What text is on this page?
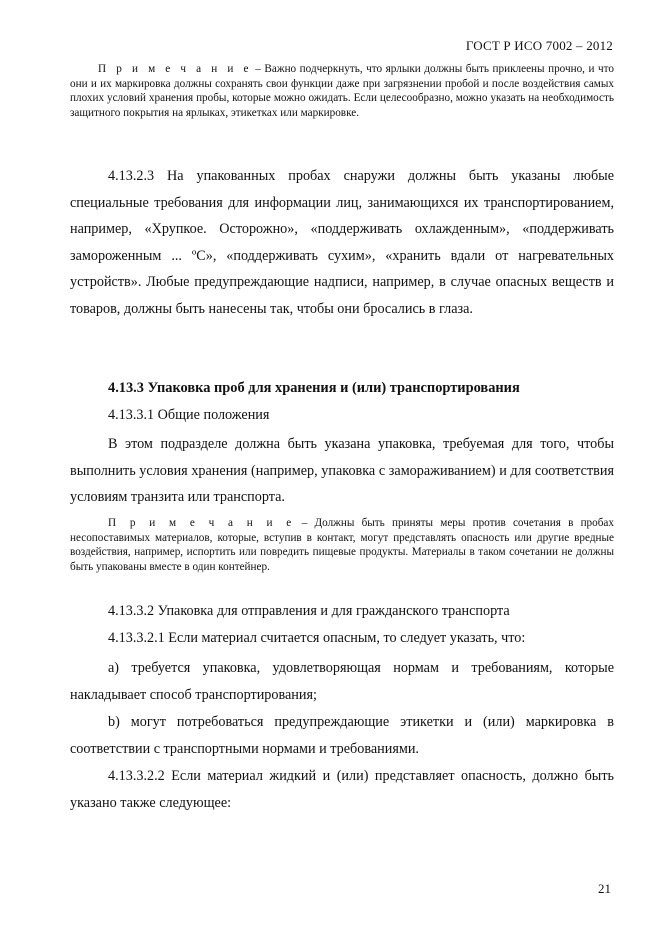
ГОСТ Р ИСО 7002 – 2012
П р и м е ч а н и е – Важно подчеркнуть, что ярлыки должны быть приклеены прочно, и что они и их маркировка должны сохранять свои функции даже при загрязнении пробой и после воздействия самых плохих условий хранения пробы, которые можно ожидать. Если целесообразно, можно указать на необходимость защитного покрытия на ярлыках, этикетках или маркировке.
4.13.2.3 На упакованных пробах снаружи должны быть указаны любые специальные требования для информации лиц, занимающихся их транспортированием, например, «Хрупкое. Осторожно», «поддерживать охлажденным», «поддерживать замороженным ... ºС», «поддерживать сухим», «хранить вдали от нагревательных устройств». Любые предупреждающие надписи, например, в случае опасных веществ и товаров, должны быть нанесены так, чтобы они бросались в глаза.
4.13.3 Упаковка проб для хранения и (или) транспортирования
4.13.3.1 Общие положения
В этом подразделе должна быть указана упаковка, требуемая для того, чтобы выполнить условия хранения (например, упаковка с замораживанием) и для соответствия условиям транзита или транспорта.
П р и м е ч а н и е – Должны быть приняты меры против сочетания в пробах несопоставимых материалов, которые, вступив в контакт, могут представлять опасность или другие вредные воздействия, например, испортить или повредить пищевые продукты. Материалы в таком сочетании не должны быть упакованы вместе в один контейнер.
4.13.3.2 Упаковка для отправления и для гражданского транспорта
4.13.3.2.1 Если материал считается опасным, то следует указать, что:
a) требуется упаковка, удовлетворяющая нормам и требованиям, которые накладывает способ транспортирования;
b) могут потребоваться предупреждающие этикетки и (или) маркировка в соответствии с транспортными нормами и требованиями.
4.13.3.2.2 Если материал жидкий и (или) представляет опасность, должно быть указано также следующее:
21
